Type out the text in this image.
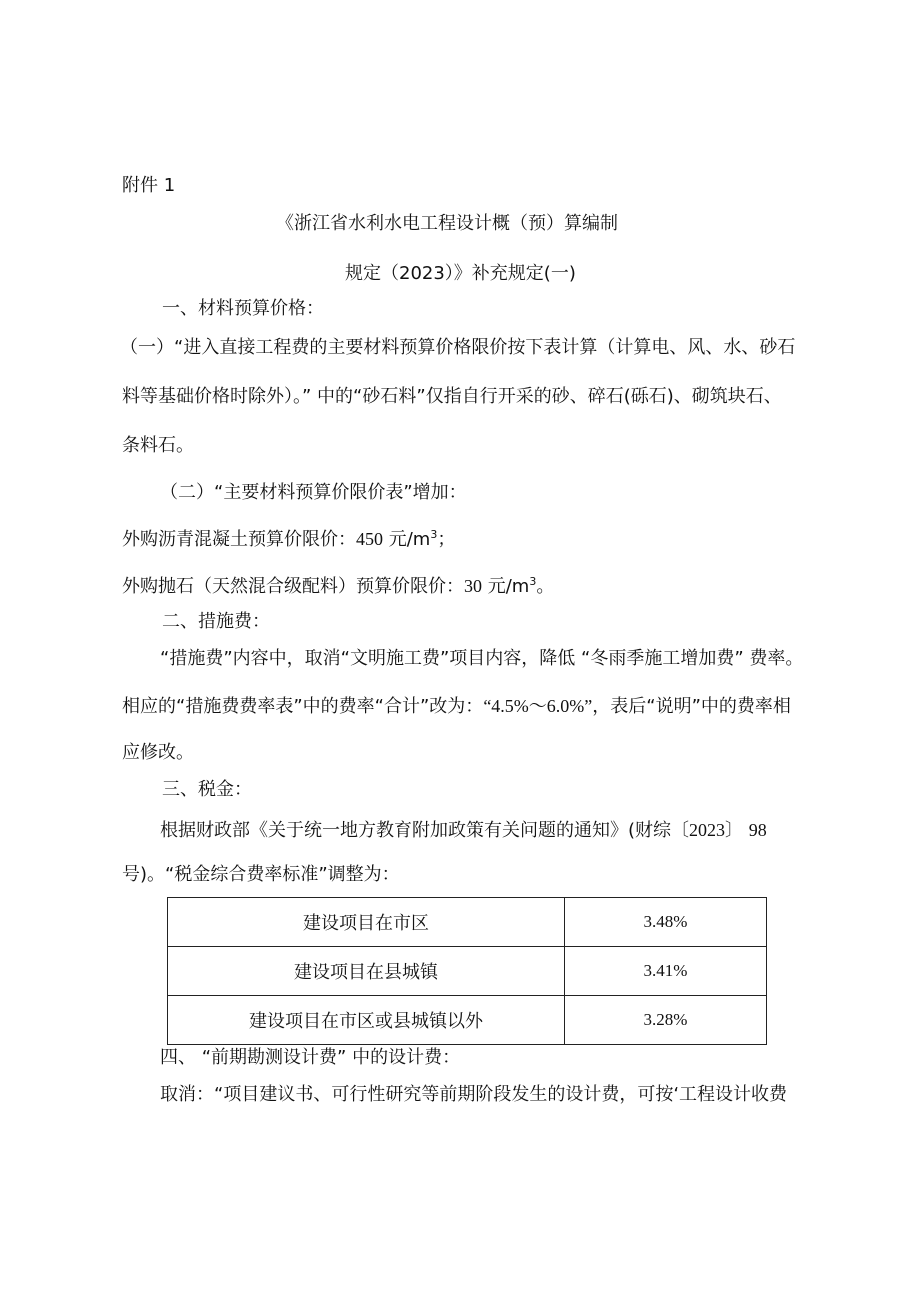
附件 1
《浙江省水利水电工程设计概（预）算编制
规定（2023）》补充规定(一)
一、材料预算价格：
（一）“进入直接工程费的主要材料预算价格限价按下表计算（计算电、风、水、砂石
料等基础价格时除外）。” 中的“砂石料”仅指自行开采的砂、碎石(砾石)、砌筑块石、
条料石。
（二）“主要材料预算价限价表”增加：
外购沥青混凝土预算价限价：450 元$/m^3$；
外购抛石（天然混合级配料）预算价限价：30 元$/m^3$。
二、措施费：
“措施费”内容中，取消“文明施工费”项目内容，降低 “冬雨季施工增加费” 费率。
相应的“措施费费率表”中的费率“合计”改为：“4.5%～6.0%”，表后“说明”中的费率相
应修改。
三、税金：
根据财政部《关于统一地方教育附加政策有关问题的通知》(财综〔2023〕 98
号)。“税金综合费率标准”调整为：
建设项目在市区	3.48%
建设项目在县城镇	3.41%
建设项目在市区或县城镇以外	3.28%
四、 “前期勘测设计费” 中的设计费：
取消：“项目建议书、可行性研究等前期阶段发生的设计费，可按‘工程设计收费
